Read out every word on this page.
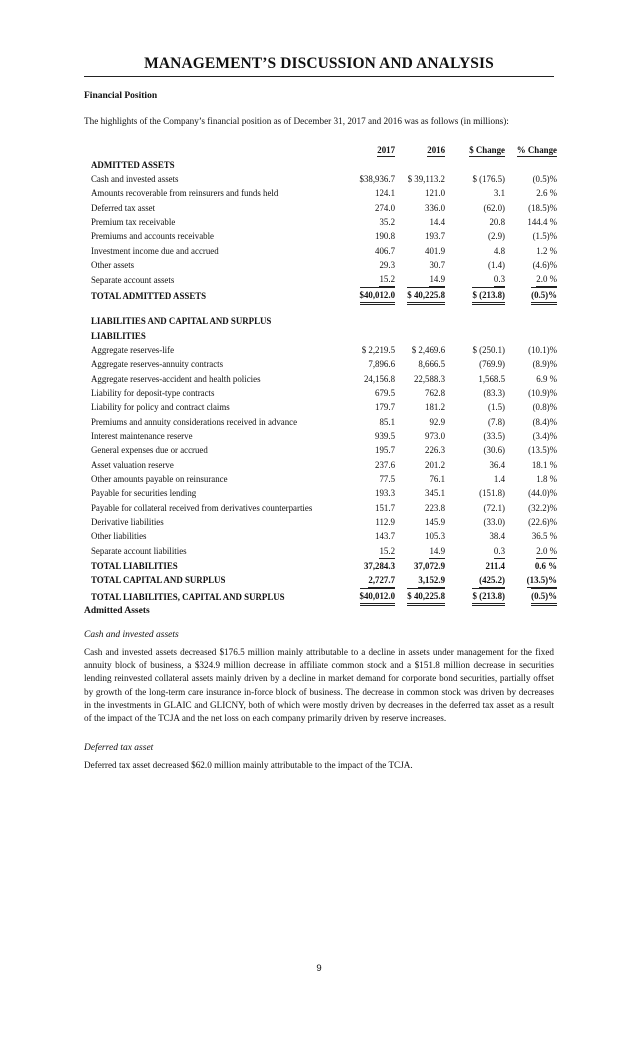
MANAGEMENT’S DISCUSSION AND ANALYSIS
Financial Position
The highlights of the Company’s financial position as of December 31, 2017 and 2016 was as follows (in millions):
	2017	2016	$ Change	% Change
ADMITTED ASSETS				
Cash and invested assets	$38,936.7	$ 39,113.2	$ (176.5)	(0.5)%
Amounts recoverable from reinsurers and funds held	124.1	121.0	3.1	2.6 %
Deferred tax asset	274.0	336.0	(62.0)	(18.5)%
Premium tax receivable	35.2	14.4	20.8	144.4 %
Premiums and accounts receivable	190.8	193.7	(2.9)	(1.5)%
Investment income due and accrued	406.7	401.9	4.8	1.2 %
Other assets	29.3	30.7	(1.4)	(4.6)%
Separate account assets	15.2	14.9	0.3	2.0 %
TOTAL ADMITTED ASSETS	$40,012.0	$ 40,225.8	$ (213.8)	(0.5)%

LIABILITIES AND CAPITAL AND SURPLUS				
LIABILITIES				
Aggregate reserves-life	$ 2,219.5	$ 2,469.6	$ (250.1)	(10.1)%
Aggregate reserves-annuity contracts	7,896.6	8,666.5	(769.9)	(8.9)%
Aggregate reserves-accident and health policies	24,156.8	22,588.3	1,568.5	6.9 %
Liability for deposit-type contracts	679.5	762.8	(83.3)	(10.9)%
Liability for policy and contract claims	179.7	181.2	(1.5)	(0.8)%
Premiums and annuity considerations received in advance	85.1	92.9	(7.8)	(8.4)%
Interest maintenance reserve	939.5	973.0	(33.5)	(3.4)%
General expenses due or accrued	195.7	226.3	(30.6)	(13.5)%
Asset valuation reserve	237.6	201.2	36.4	18.1 %
Other amounts payable on reinsurance	77.5	76.1	1.4	1.8 %
Payable for securities lending	193.3	345.1	(151.8)	(44.0)%
Payable for collateral received from derivatives counterparties	151.7	223.8	(72.1)	(32.2)%
Derivative liabilities	112.9	145.9	(33.0)	(22.6)%
Other liabilities	143.7	105.3	38.4	36.5 %
Separate account liabilities	15.2	14.9	0.3	2.0 %
TOTAL LIABILITIES	37,284.3	37,072.9	211.4	0.6 %
TOTAL CAPITAL AND SURPLUS	2,727.7	3,152.9	(425.2)	(13.5)%
TOTAL LIABILITIES, CAPITAL AND SURPLUS	$40,012.0	$ 40,225.8	$ (213.8)	(0.5)%
Admitted Assets
Cash and invested assets
Cash and invested assets decreased $176.5 million mainly attributable to a decline in assets under management for the fixed annuity block of business, a $324.9 million decrease in affiliate common stock and a $151.8 million decrease in securities lending reinvested collateral assets mainly driven by a decline in market demand for corporate bond securities, partially offset by growth of the long-term care insurance in-force block of business. The decrease in common stock was driven by decreases in the investments in GLAIC and GLICNY, both of which were mostly driven by decreases in the deferred tax asset as a result of the impact of the TCJA and the net loss on each company primarily driven by reserve increases.
Deferred tax asset
Deferred tax asset decreased $62.0 million mainly attributable to the impact of the TCJA.
9
